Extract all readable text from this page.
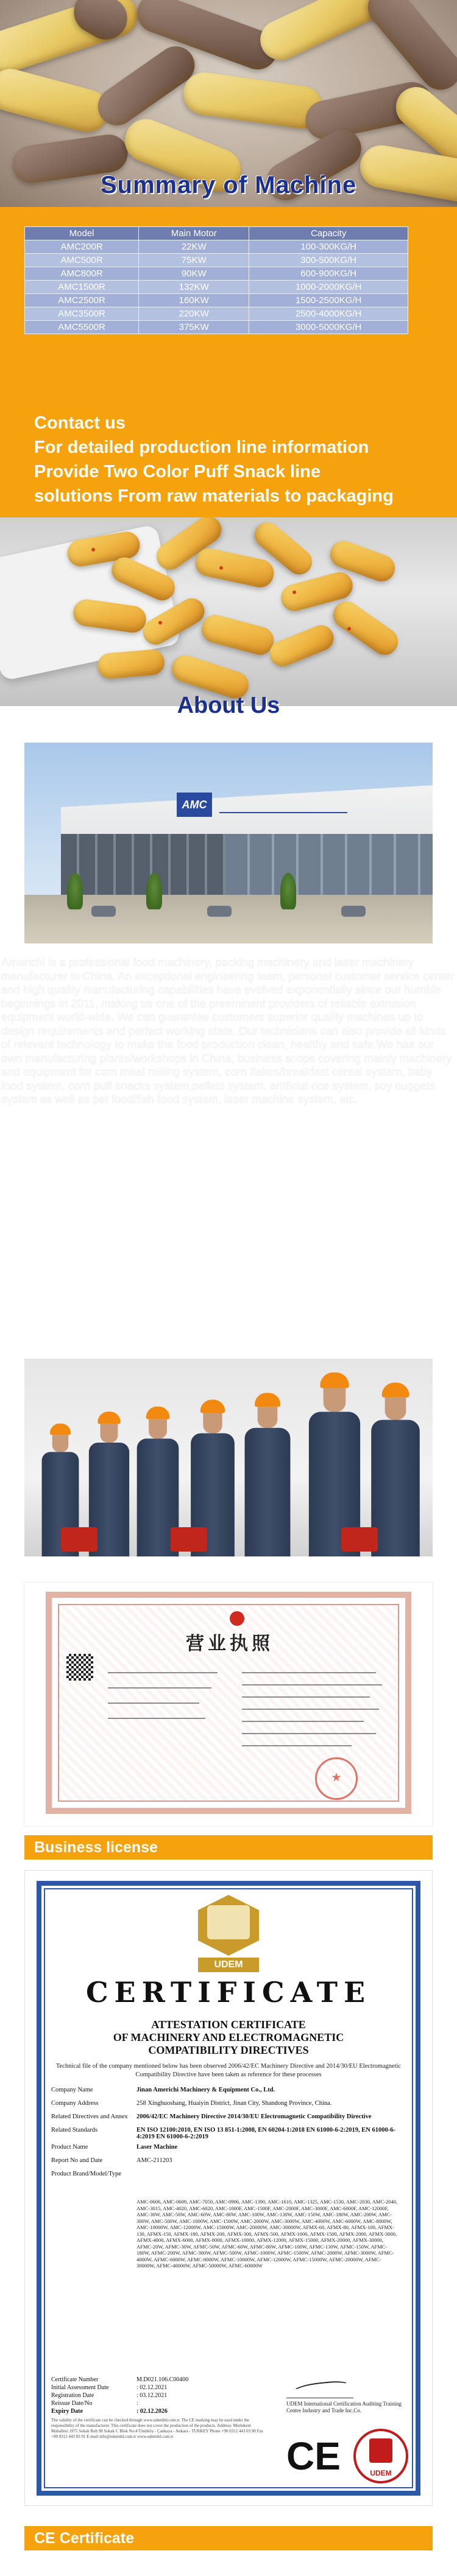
Summary of Machine
Model	Main Motor	Capacity
AMC200R	22KW	100-300KG/H
AMC500R	75KW	300-500KG/H
AMC800R	90KW	600-900KG/H
AMC1500R	132KW	1000-2000KG/H
AMC2500R	160KW	1500-2500KG/H
AMC3500R	220KW	2500-4000KG/H
AMC5500R	375KW	3000-5000KG/H
Contact us
For detailed production line information
Provide Two Color Puff Snack line
solutions From raw materials to packaging
About Us
AMC
Americhi is a professional food machinery, packing machinery and laser machinery manufacturer in China. An exceptional engineering team, personel customer service center and high quality manufacturing capabilities have evolved exponentially since our humble beginnings in 2011, making us one of the preeminent providers of reliable extrusion equipment world-wide. We can guarantee customers superior quality machines up to design requirements and perfect working state. Our technicians can also provide all kinds of relevant technology to make the food production clean, healthy and safe.We has our own manufacturing plants/workshops in China, business scope covering mainly machinery and equipment for corn meal milling system, corn flakes/breakfast cereal system, baby food system, corn puff snacks system,pellets system, artificial rice system, soy nuggets system as well as pet food/fish food system, laser machine system, etc.
Technical engineer:
1. Strong analytical ability; 2. Practical ability;
3. Observation ability; 4. Creativity
营业执照
Business license
UDEM
CERTIFICATE
ATTESTATION CERTIFICATE
OF MACHINERY AND ELECTROMAGNETIC
COMPATIBILITY DIRECTIVES
Technical file of the company mentioned below has been observed 2006/42/EC Machinery Directive and 2014/30/EU Electromagnetic Compatibility Directive have been taken as reference for these processes
Company Name	Jinan Americhi Machinery & Equipment Co., Ltd.
Company Address	258 Xinghuoshang, Huaiyin District, Jinan City, Shandong Province, China.
Related Directives and Annex	2006/42/EC Machinery Directive 2014/30/EU Electromagnetic Compatibility Directive
Related Standards	EN ISO 12100:2010, EN ISO 13 851-1:2008, EN 60204-1:2018 EN 61000-6-2:2019, EN 61000-6-4:2019 EN 61000-6-2:2019
Product Name	Laser Machine
Report No and Date	AMC-211203
Product Brand/Model/Type
AMC-0606, AMC-0609, AMC-7050, AMC-0906, AMC-1390, AMC-1610, AMC-1325, AMC-1530, AMC-2030, AMC-2040, AMC-3015, AMC-4020, AMC-6020, AMC-1000F, AMC-1500F, AMC-2000F, AMC-3000F, AMC-6000F, AMC-12000F, AMC-30W, AMC-50W, AMC-60W, AMC-80W, AMC-100W, AMC-130W, AMC-150W, AMC-180W, AMC-200W, AMC-300W, AMC-500W, AMC-1000W, AMC-1500W, AMC-2000W, AMC-3000W, AMC-4000W, AMC-6000W, AMC-8000W, AMC-10000W, AMC-12000W, AMC-15000W, AMC-20000W, AMC-30000W, AFMX-60, AFMX-80, AFMX-100, AFMX-130, AFMX-150, AFMX-180, AFMX-200, AFMX-300, AFMX-500, AFMX-1000, AFMX-1500, AFMX-2000, AFMX-3000, AFMX-4000, AFMX-6000, AFMX-8000, AFMX-10000, AFMX-12000, AFMX-15000, AFMX-20000, AFMX-30000, AFMC-20W, AFMC-30W, AFMC-50W, AFMC-60W, AFMC-80W, AFMC-100W, AFMC-130W, AFMC-150W, AFMC-180W, AFMC-200W, AFMC-300W, AFMC-500W, AFMC-1000W, AFMC-1500W, AFMC-2000W, AFMC-3000W, AFMC-4000W, AFMC-6000W, AFMC-8000W, AFMC-10000W, AFMC-12000W, AFMC-15000W, AFMC-20000W, AFMC-30000W, AFMC-40000W, AFMC-50000W, AFMC-60000W
Certificate Number	M.D021.106.C00400
Initial Assessment Date	: 02.12.2021
Registration Date	: 03.12.2021
Reissue Date/No	:
Expiry Date	: 02.12.2026
The validity of the certificate can be checked through www.udemltd.com.tr. The CE marking may be used under the responsibility of the manufacturer. This certificate does not cover the production of the products. Address: Mutlukent Mahallesi 1975 Sokak Rub 98 Sokak C Blok No:4 Ümitköy - Çankaya - Ankara - TURKEY Phone +90 0312 443 03 90 Fax +90 0312 443 03 91 E-mail info@udemltd.com.tr www.udemltd.com.tr
UDEM International Certification Auditing Training Centre Industry and Trade Inc.Co.
CE	UDEM
CE Certificate
